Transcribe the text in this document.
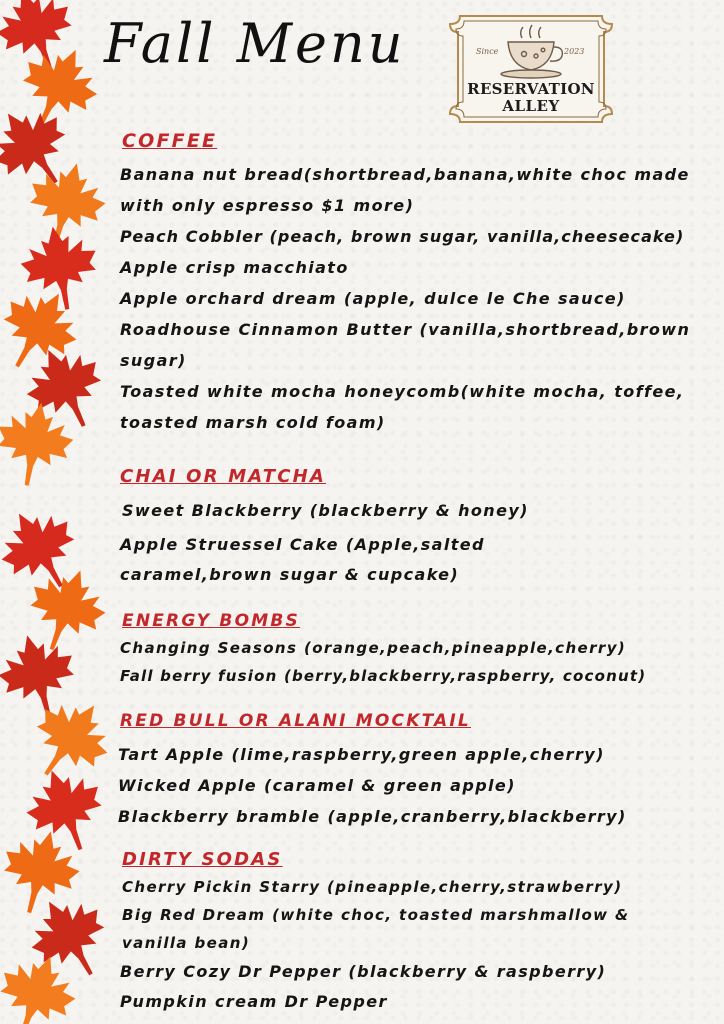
Fall Menu	Since	2023
RESERVATION
ALLEY
COFFEE
Banana nut bread(shortbread,banana,white choc made
with only espresso $1 more)
Peach Cobbler (peach, brown sugar, vanilla,cheesecake)
Apple crisp macchiato
Apple orchard dream (apple, dulce le Che sauce)
Roadhouse Cinnamon Butter (vanilla,shortbread,brown
sugar)
Toasted white mocha honeycomb(white mocha, toffee,
toasted marsh cold foam)
CHAI OR MATCHA
Sweet Blackberry (blackberry & honey)
Apple Struessel Cake (Apple,salted
caramel,brown sugar & cupcake)
ENERGY BOMBS
Changing Seasons (orange,peach,pineapple,cherry)
Fall berry fusion (berry,blackberry,raspberry, coconut)
RED BULL OR ALANI MOCKTAIL
Tart Apple (lime,raspberry,green apple,cherry)
Wicked Apple (caramel & green apple)
Blackberry bramble (apple,cranberry,blackberry)
DIRTY SODAS
Cherry Pickin Starry (pineapple,cherry,strawberry)
Big Red Dream (white choc, toasted marshmallow &
vanilla bean)
Berry Cozy Dr Pepper (blackberry & raspberry)
Pumpkin cream Dr Pepper
